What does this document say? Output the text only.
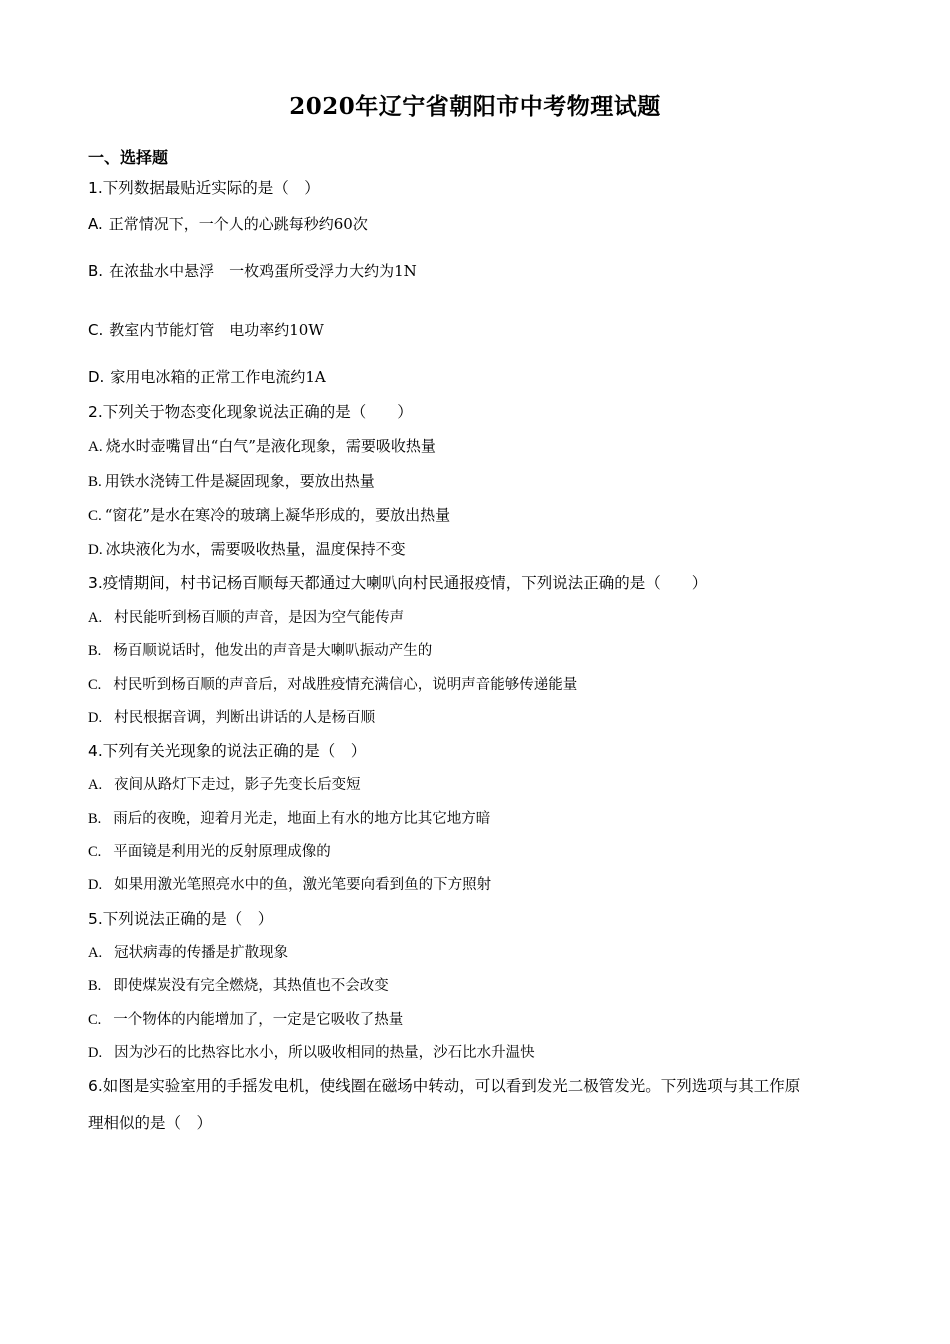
2020年辽宁省朝阳市中考物理试题
一、选择题
1.下列数据最贴近实际的是（　）
A. 正常情况下，一个人的心跳每秒约60次
B. 在浓盐水中悬浮　一枚鸡蛋所受浮力大约为1N
C. 教室内节能灯管　电功率约10W
D. 家用电冰箱的正常工作电流约1A
2.下列关于物态变化现象说法正确的是（　　）
A. 烧水时壶嘴冒出“白气”是液化现象，需要吸收热量
B. 用铁水浇铸工件是凝固现象，要放出热量
C. “窗花”是水在寒冷的玻璃上凝华形成的，要放出热量
D. 冰块液化为水，需要吸收热量，温度保持不变
3.疫情期间，村书记杨百顺每天都通过大喇叭向村民通报疫情，下列说法正确的是（　　）
A. 村民能听到杨百顺的声音，是因为空气能传声
B. 杨百顺说话时，他发出的声音是大喇叭振动产生的
C. 村民听到杨百顺的声音后，对战胜疫情充满信心，说明声音能够传递能量
D. 村民根据音调，判断出讲话的人是杨百顺
4.下列有关光现象的说法正确的是（　）
A. 夜间从路灯下走过，影子先变长后变短
B. 雨后的夜晚，迎着月光走，地面上有水的地方比其它地方暗
C. 平面镜是利用光的反射原理成像的
D. 如果用激光笔照亮水中的鱼，激光笔要向看到鱼的下方照射
5.下列说法正确的是（　）
A. 冠状病毒的传播是扩散现象
B. 即使煤炭没有完全燃烧，其热值也不会改变
C. 一个物体的内能增加了，一定是它吸收了热量
D. 因为沙石的比热容比水小，所以吸收相同的热量，沙石比水升温快
6.如图是实验室用的手摇发电机，使线圈在磁场中转动，可以看到发光二极管发光。下列选项与其工作原
理相似的是（　）
